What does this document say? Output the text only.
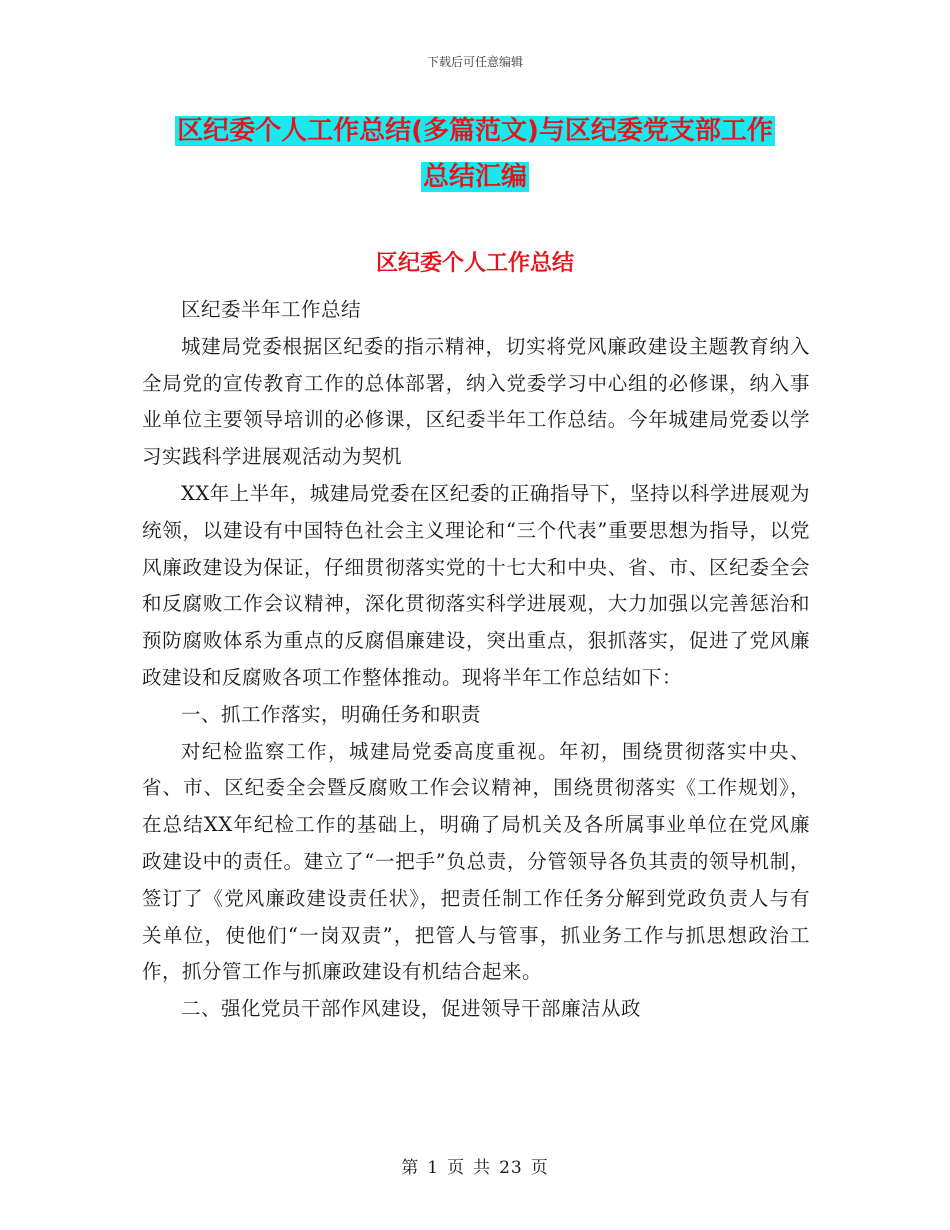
下载后可任意编辑
区纪委个人工作总结(多篇范文)与区纪委党支部工作
总结汇编
区纪委个人工作总结

区纪委半年工作总结

城建局党委根据区纪委的指示精神，切实将党风廉政建设主题教育纳入全局党的宣传教育工作的总体部署，纳入党委学习中心组的必修课，纳入事业单位主要领导培训的必修课，区纪委半年工作总结。今年城建局党委以学习实践科学进展观活动为契机

XX年上半年，城建局党委在区纪委的正确指导下，坚持以科学进展观为统领，以建设有中国特色社会主义理论和“三个代表”重要思想为指导，以党风廉政建设为保证，仔细贯彻落实党的十七大和中央、省、市、区纪委全会和反腐败工作会议精神，深化贯彻落实科学进展观，大力加强以完善惩治和预防腐败体系为重点的反腐倡廉建设，突出重点，狠抓落实，促进了党风廉政建设和反腐败各项工作整体推动。现将半年工作总结如下：

一、抓工作落实，明确任务和职责

对纪检监察工作，城建局党委高度重视。年初，围绕贯彻落实中央、省、市、区纪委全会暨反腐败工作会议精神，围绕贯彻落实《工作规划》，在总结XX年纪检工作的基础上，明确了局机关及各所属事业单位在党风廉政建设中的责任。建立了“一把手”负总责，分管领导各负其责的领导机制，签订了《党风廉政建设责任状》，把责任制工作任务分解到党政负责人与有关单位，使他们“一岗双责”，把管人与管事，抓业务工作与抓思想政治工作，抓分管工作与抓廉政建设有机结合起来。

二、强化党员干部作风建设，促进领导干部廉洁从政

第 1 页 共 23 页
